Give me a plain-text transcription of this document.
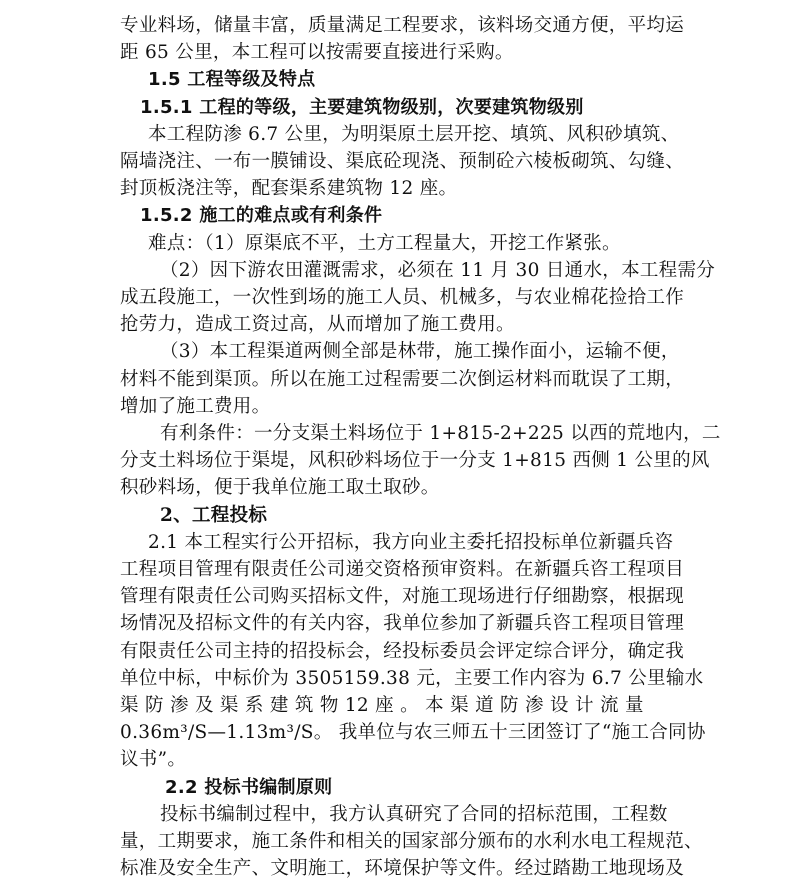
专业料场，储量丰富，质量满足工程要求，该料场交通方便，平均运
距 65 公里，本工程可以按需要直接进行采购。
1.5 工程等级及特点
1.5.1 工程的等级，主要建筑物级别，次要建筑物级别
本工程防渗 6.7 公里，为明渠原土层开挖、填筑、风积砂填筑、
隔墙浇注、一布一膜铺设、渠底砼现浇、预制砼六棱板砌筑、勾缝、
封顶板浇注等，配套渠系建筑物 12 座。
1.5.2 施工的难点或有利条件
难点：（1）原渠底不平，土方工程量大，开挖工作紧张。
（2）因下游农田灌溉需求，必须在 11 月 30 日通水，本工程需分
成五段施工，一次性到场的施工人员、机械多，与农业棉花捡拾工作
抢劳力，造成工资过高，从而增加了施工费用。
（3）本工程渠道两侧全部是林带，施工操作面小，运输不便，
材料不能到渠顶。所以在施工过程需要二次倒运材料而耽误了工期，
增加了施工费用。
有利条件：一分支渠土料场位于 1+815-2+225 以西的荒地内，二
分支土料场位于渠堤，风积砂料场位于一分支 1+815 西侧 1 公里的风
积砂料场，便于我单位施工取土取砂。
2、工程投标
2.1 本工程实行公开招标，我方向业主委托招投标单位新疆兵咨
工程项目管理有限责任公司递交资格预审资料。在新疆兵咨工程项目
管理有限责任公司购买招标文件，对施工现场进行仔细勘察，根据现
场情况及招标文件的有关内容，我单位参加了新疆兵咨工程项目管理
有限责任公司主持的招投标会，经投标委员会评定综合评分，确定我
单位中标，中标价为 3505159.38 元，主要工作内容为 6.7 公里输水
渠 防 渗 及 渠 系 建 筑 物 12 座 。 本 渠 道 防 渗 设 计 流 量
0.36m³/S—1.13m³/S。 我单位与农三师五十三团签订了“施工合同协
议书”。
2.2 投标书编制原则
投标书编制过程中，我方认真研究了合同的招标范围，工程数
量，工期要求，施工条件和相关的国家部分颁布的水利水电工程规范、
标准及安全生产、文明施工，环境保护等文件。经过踏勘工地现场及
